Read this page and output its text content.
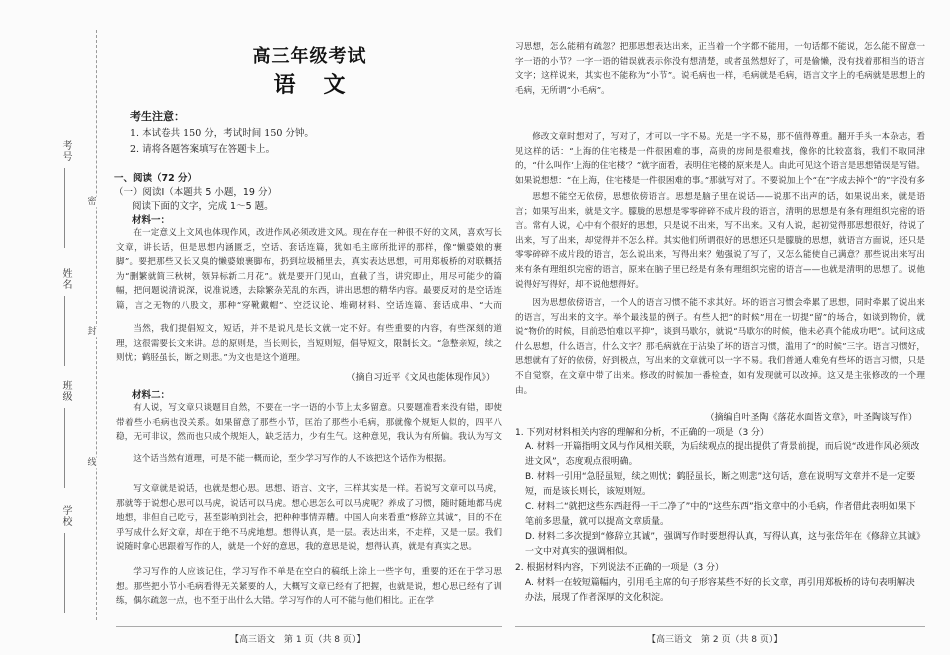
考号
姓名
班级
学校
密
封
线
高三年级考试
语文
考生注意：
1. 本试卷共 150 分，考试时间 150 分钟。
2. 请将各题答案填写在答题卡上。
一、阅读（72 分）
（一）阅读Ⅰ（本题共 5 小题，19 分）
阅读下面的文字，完成 1～5 题。
材料一：
在一定意义上文风也体现作风，改进作风必须改进文风。现在存在一种很不好的文风，喜欢写长文章，讲长话，但是思想内涵匮乏，空话、套话连篇，犹如毛主席所批评的那样，像“懒婆娘的裹脚”。要把那些又长又臭的懒婆娘裹脚布，扔到垃圾桶里去，真实表达思想，可用郑板桥的对联概括为“删繁就简三秋树，领异标新二月花”。就是要开门见山，直截了当，讲究即止，用尽可能少的篇幅，把问题说清说深，说准说透，去除繁杂芜乱的东西，讲出思想的精华内容。最要反对的是空话连篇，言之无物的八股文，那种“穿靴戴帽”、空泛议论、堆砌材料、空话连篇、套话成串、“大而
当然，我们提倡短文，短话，并不是说凡是长文就一定不好。有些重要的内容，有些深刻的道理，这很需要长文来讲。总的原则是，当长则长，当短则短，倡导短文，限制长文。“急整亲短，续之则忧；鹤胫虽长，断之则悲。”为文也是这个道理。
（摘自习近平《文风也能体现作风》）
材料二：
有人说，写文章只谈题目自然，不要在一字一语的小节上太多留意。只要题准看来没有错，即使带着些小毛病也没关系。如果留意了那些小节，匡治了那些小毛病，那就像个规矩人似的，四平八稳，无可非议，然而也只成个规矩人，缺乏活力，少有生气。这种意见，我认为有所偏。我认为写文
这个话当然有道理，可是不能一概而论，至少学习写作的人不该把这个话作为根据。
写文章就是说话，也就是想心思。思想、语言、文字，三样其实是一样。若说写文章可以马虎，那就等于说想心思可以马虎，说话可以马虎。想心思怎么可以马虎呢？养成了习惯，随时随地都马虎地想，非但自己吃亏，甚至影响到社会，把种种事情弄糟。中国人向来看重“修辞立其诚”，目的不在乎写成什么好文章，却在于绝不马虎地想。想得认真，是一层。表达出来，不走样，又是一层。我们说随时拿心思跟着写作的人，就是一个好的意思，我的意思是说，想得认真，就是有真实之思。
学习写作的人应该记住，学习写作不单是在空白的稿纸上涂上一些字句，重要的还在于学习思想。那些把小节小毛病看得无关紧要的人，大概写文章已经有了把握，也就是说，想心思已经有了训练，偶尔疏忽一点，也不至于出什么大错。学习写作的人可不能与他们相比。正在学
【高三语文　第 1 页（共 8 页）】
习思想，怎么能稍有疏忽？把那思想表达出来，正当着一个字都不能用，一句话都不能说，怎么能不留意一字一语的小节？一字一语的错误就表示你没有想清楚，或者虽然想好了，可是偷懒，没有找着那相当的语言文字；这样说来，其实也不能称为“小节”。说毛病也一样，毛病就是毛病，语言文字上的毛病就是思想上的毛病，无所谓“小毛病”。
修改文章时想对了，写对了，才可以一字不易。光是一字不易，那不值得尊重。翻开手头一本杂志，看见这样的话：“上海的住宅楼是一件很困难的事，高贵的房间是很难找，像你的比较富翁，我们不取同津的，“什么叫作‘上海的住宅楼’？”就字面看，表明住宅楼的原来是人。由此可见这个语言是思想错误是写错。如果说想想：“在上海，住宅楼是一件很困难的事。”那就写对了。不要说加上个“在”字成去掉个“的”字没有多
思想不能空无依傍，思想依傍语言。思想是脑子里在说话——说那不出声的话，如果说出来，就是语言；如果写出来，就是文字。朦胧的思想是零零碎碎不成片段的语言，清明的思想是有条有理组织完密的语言。常有人说，心中有个很好的思想，只是说不出来，写不出来。又有人说，起初觉得那思想很好，待说了出来，写了出来，却觉得并不怎么样。其实他们所谓很好的思想还只是朦胧的思想，就语言方面说，还只是零零碎碎不成片段的语言，怎么说出来，写得出来？勉强说了写了，又怎么能使自己满意？那些说出来写出来有条有理组织完密的语言，原来在脑子里已经是有条有理组织完密的语言——也就是清明的思想了。说他说得好写得好，却不说他想得好。
因为思想依傍语言，一个人的语言习惯不能不求其好。坏的语言习惯会牵累了思想，同时牵累了说出来的语言，写出来的文字。举个最浅显的例子。有些人把“的时候”用在一切提“留”的场合，如谈到物价，就说“物价的时候，目前恐怕难以平抑”，谈到马歇尔，就说“马歇尔的时候，他未必真个能成功吧”。试问这成什么思想，什么语言，什么文字？那毛病就在于沾染了坏的语言习惯，滥用了“的时候”三字。语言习惯好，思想就有了好的依傍，好到极点，写出来的文章就可以一字不易。我们普通人难免有些坏的语言习惯，只是不自觉察，在文章中带了出来。修改的时候加一番检查，如有发现就可以改掉。这又是主张修改的一个理由。
（摘编自叶圣陶《落花水面皆文章》，叶圣陶谈写作）
1. 下列对材料相关内容的理解和分析，不正确的一项是（3 分）
A. 材料一开篇指明文风与作风相关联，为后续观点的提出提供了背景前提，而后说“改进作风必须改进文风”，态度观点很明确。
B. 材料一引用“急胫虽短，续之则忧；鹤胫虽长，断之则悲”这句话，意在说明写文章并不是一定要短，而是该长则长，该短则短。
C. 材料二“就把这些东西赶得一干二净了”中的“这些东西”指文章中的小毛病，作者借此表明如果下笔前多思量，就可以提高文章质量。
D. 材料二多次提到“修辞立其诚”，强调写作时要想得认真，写得认真，这与张岱年在《修辞立其诚》一文中对真实的强调相似。
2. 根据材料内容，下列说法不正确的一项是（3 分）
A. 材料一在较短篇幅内，引用毛主席的句子形容某些不好的长文章，再引用郑板桥的诗句表明解决办法，展现了作者深厚的文化积淀。
【高三语文　第 2 页（共 8 页）】
